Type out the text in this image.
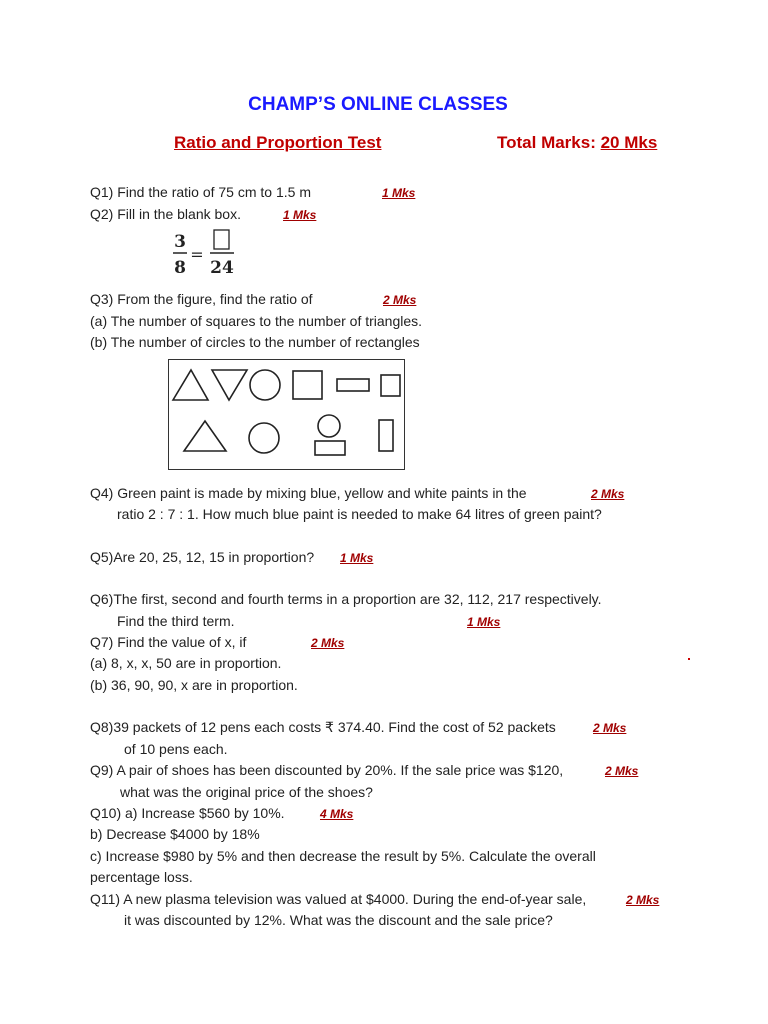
CHAMP’S ONLINE CLASSES
Ratio and Proportion Test	Total Marks: 20 Mks
Q1) Find the ratio of 75 cm to 1.5 m	1 Mks
Q2) Fill in the blank box.	1 Mks
3
8
=
24
Q3) From the figure, find the ratio of	2 Mks
(a) The number of squares to the number of triangles.
(b) The number of circles to the number of rectangles
Q4) Green paint is made by mixing blue, yellow and white paints in the	2 Mks
ratio 2 : 7 : 1. How much blue paint is needed to make 64 litres of green paint?
Q5)Are 20, 25, 12, 15 in proportion? 1 Mks
Q6)The first, second and fourth terms in a proportion are 32, 112, 217 respectively.
Find the third term.	1 Mks
Q7) Find the value of x, if	2 Mks
(a) 8, x, x, 50 are in proportion.
(b) 36, 90, 90, x are in proportion.
Q8)39 packets of 12 pens each costs ₹ 374.40. Find the cost of 52 packets	2 Mks
of 10 pens each.
Q9) A pair of shoes has been discounted by 20%. If the sale price was $120,	2 Mks
what was the original price of the shoes?
Q10) a) Increase $560 by 10%.	4 Mks
b) Decrease $4000 by 18%
c) Increase $980 by 5% and then decrease the result by 5%. Calculate the overall
percentage loss.
Q11) A new plasma television was valued at $4000. During the end-of-year sale,	2 Mks
it was discounted by 12%. What was the discount and the sale price?
